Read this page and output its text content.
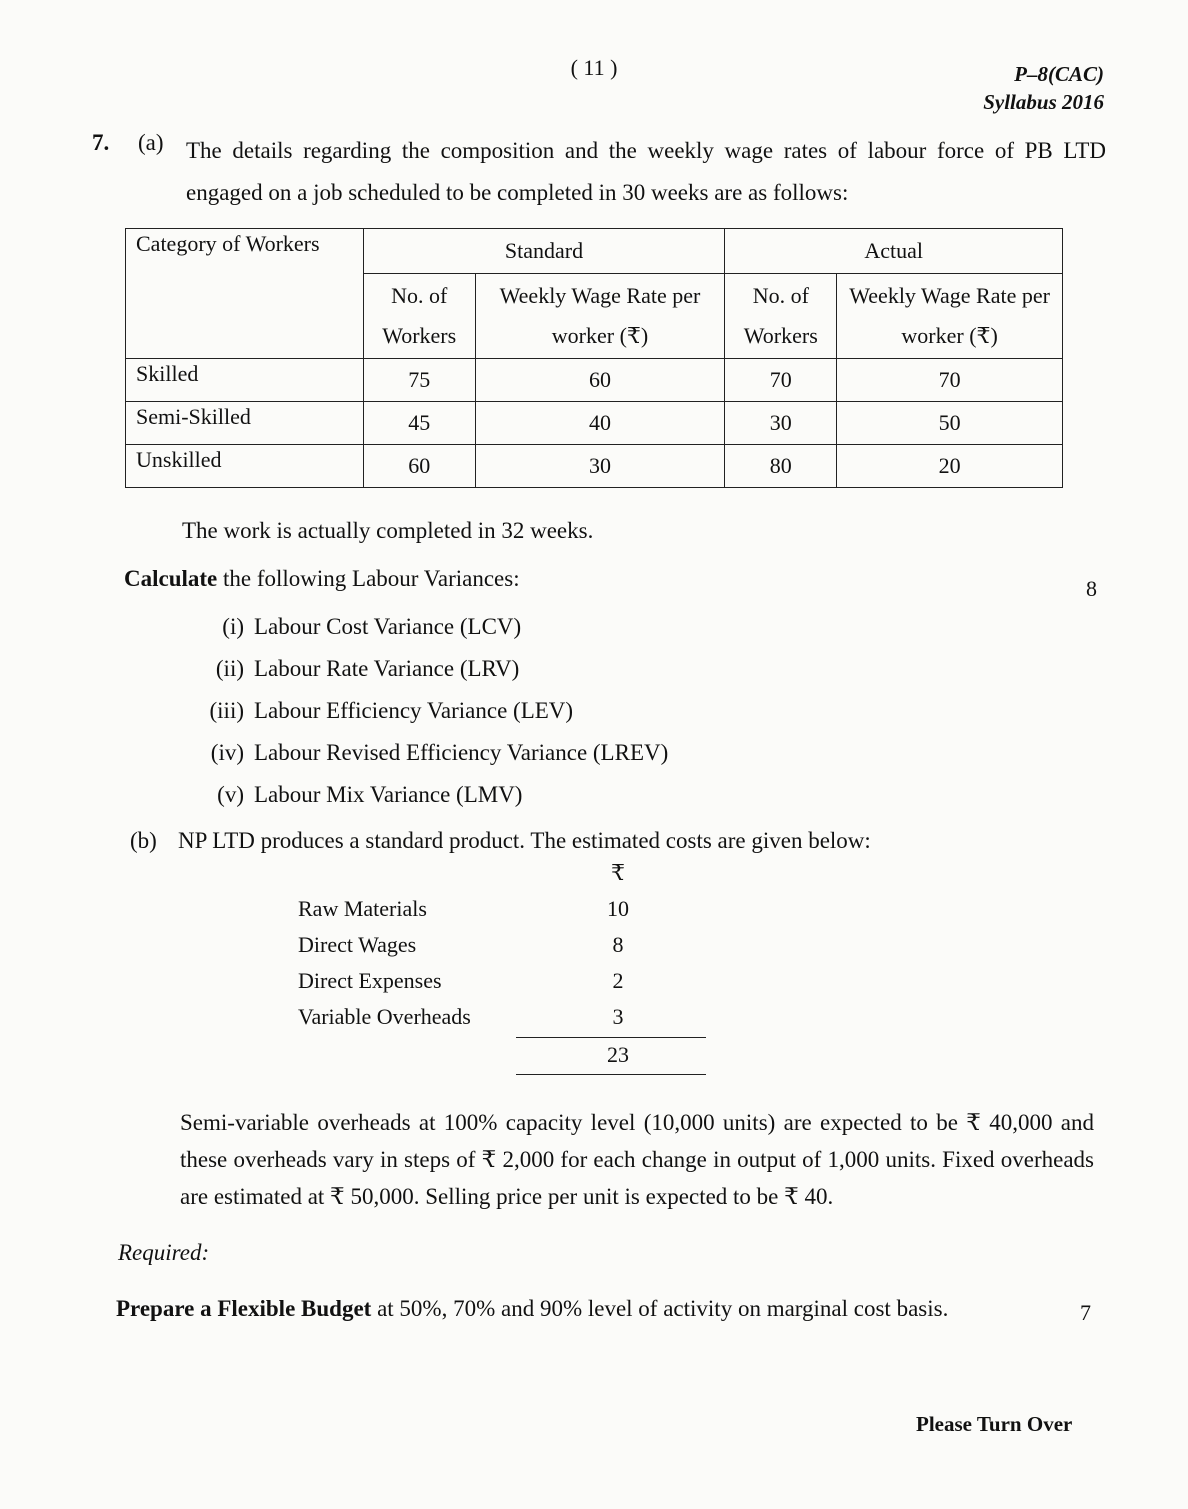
( 11 )	P–8(CAC)
Syllabus 2016
7. (a) The details regarding the composition and the weekly wage rates of labour force of PB LTD engaged on a job scheduled to be completed in 30 weeks are as follows:
Category of Workers	Standard		Actual	
	No. of Workers	Weekly Wage Rate per worker (₹)	No. of Workers	Weekly Wage Rate per worker (₹)
Skilled	75	60	70	70
Semi-Skilled	45	40	30	50
Unskilled	60	30	80	20
The work is actually completed in 32 weeks.
Calculate the following Labour Variances:	8
(i) Labour Cost Variance (LCV)
(ii) Labour Rate Variance (LRV)
(iii) Labour Efficiency Variance (LEV)
(iv) Labour Revised Efficiency Variance (LREV)
(v) Labour Mix Variance (LMV)
(b) NP LTD produces a standard product. The estimated costs are given below:
₹
Raw Materials	10
Direct Wages	8
Direct Expenses	2
Variable Overheads	3
23
Semi-variable overheads at 100% capacity level (10,000 units) are expected to be ₹ 40,000 and these overheads vary in steps of ₹ 2,000 for each change in output of 1,000 units. Fixed overheads are estimated at ₹ 50,000. Selling price per unit is expected to be ₹ 40.
Required:
Prepare a Flexible Budget at 50%, 70% and 90% level of activity on marginal cost basis.	7
Please Turn Over
